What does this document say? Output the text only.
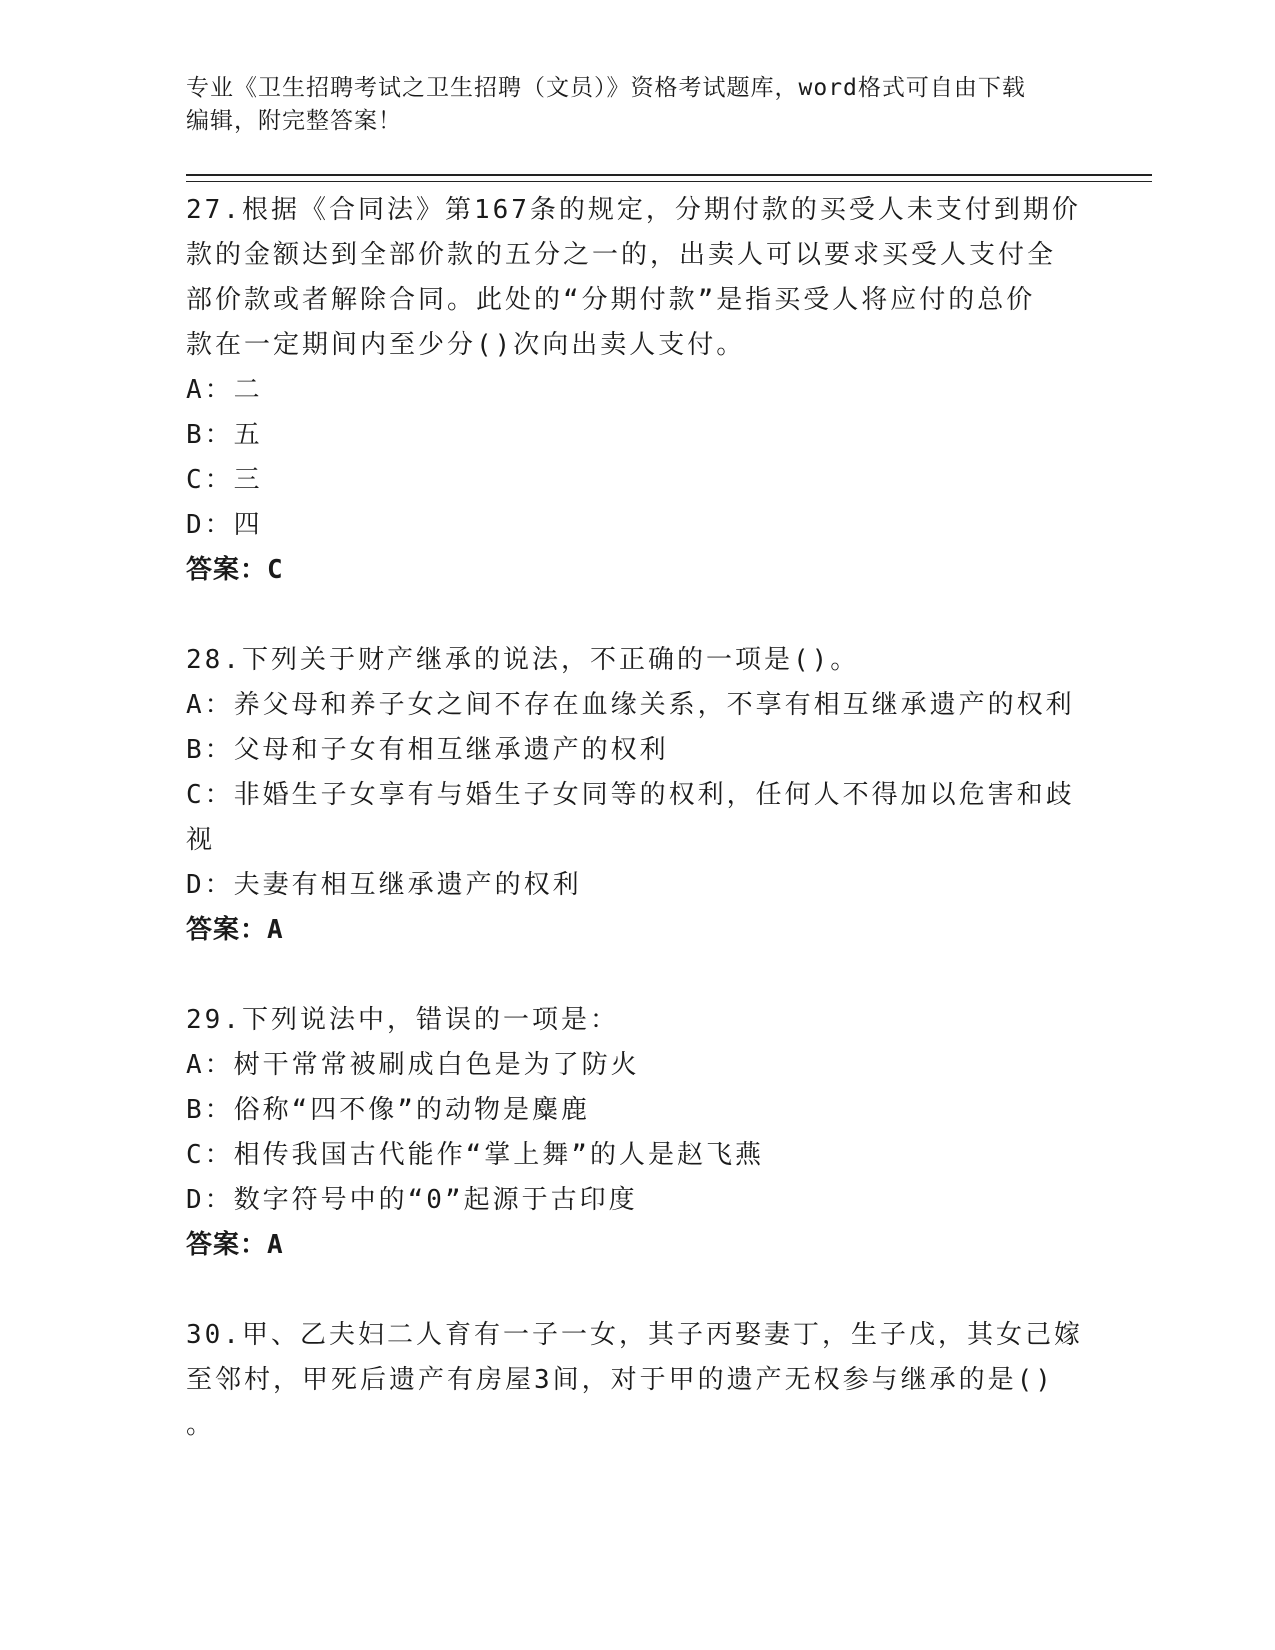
专业《卫生招聘考试之卫生招聘（文员）》资格考试题库，word格式可自由下载
编辑，附完整答案！
27.根据《合同法》第167条的规定，分期付款的买受人未支付到期价
款的金额达到全部价款的五分之一的，出卖人可以要求买受人支付全
部价款或者解除合同。此处的“分期付款”是指买受人将应付的总价
款在一定期间内至少分()次向出卖人支付。
A：二
B：五
C：三
D：四
答案：C
28.下列关于财产继承的说法，不正确的一项是()。
A：养父母和养子女之间不存在血缘关系，不享有相互继承遗产的权利
B：父母和子女有相互继承遗产的权利
C：非婚生子女享有与婚生子女同等的权利，任何人不得加以危害和歧
视
D：夫妻有相互继承遗产的权利
答案：A
29.下列说法中，错误的一项是：
A：树干常常被刷成白色是为了防火
B：俗称“四不像”的动物是麋鹿
C：相传我国古代能作“掌上舞”的人是赵飞燕
D：数字符号中的“0”起源于古印度
答案：A
30.甲、乙夫妇二人育有一子一女，其子丙娶妻丁，生子戊，其女己嫁
至邻村，甲死后遗产有房屋3间，对于甲的遗产无权参与继承的是()
。
